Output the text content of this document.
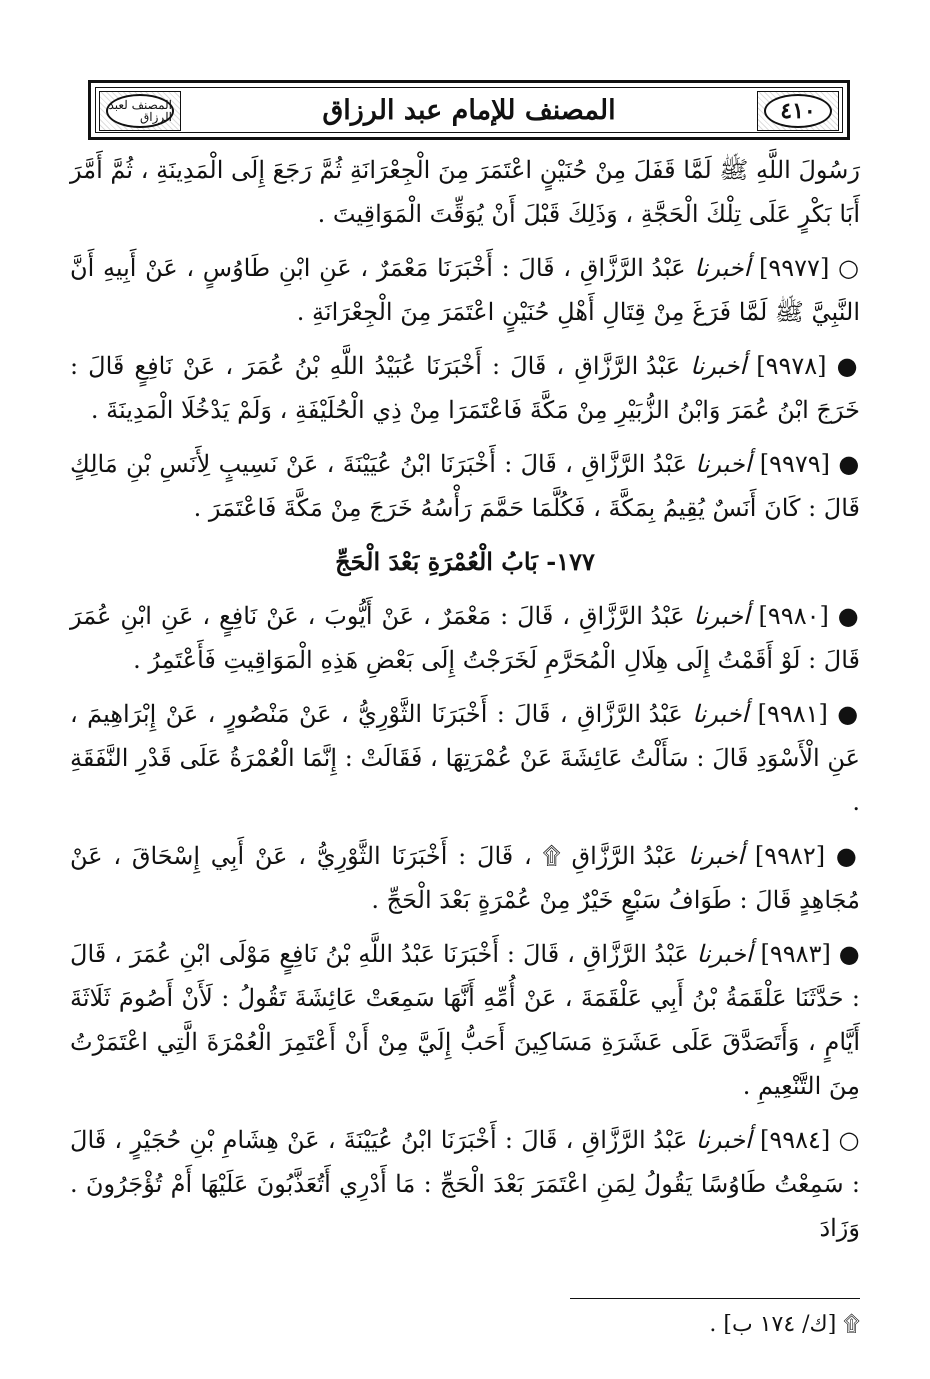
المصنف لعبد الرزاق	المصنف للإمام عبد الرزاق	٤١٠

رَسُولَ اللَّهِ ﷺ لَمَّا قَفَلَ مِنْ حُنَيْنٍ اعْتَمَرَ مِنَ الْجِعْرَانَةِ ثُمَّ رَجَعَ إِلَى الْمَدِينَةِ ، ثُمَّ أَمَّرَ أَبَا بَكْرٍ عَلَى تِلْكَ الْحَجَّةِ ، وَذَلِكَ قَبْلَ أَنْ يُوَقِّتَ الْمَوَاقِيتَ .

○ [٩٩٧٧] أخبرنا عَبْدُ الرَّزَّاقِ ، قَالَ : أَخْبَرَنَا مَعْمَرٌ ، عَنِ ابْنِ طَاوُسٍ ، عَنْ أَبِيهِ أَنَّ النَّبِيَّ ﷺ لَمَّا فَرَغَ مِنْ قِتَالِ أَهْلِ حُنَيْنٍ اعْتَمَرَ مِنَ الْجِعْرَانَةِ .

● [٩٩٧٨] أخبرنا عَبْدُ الرَّزَّاقِ ، قَالَ : أَخْبَرَنَا عُبَيْدُ اللَّهِ بْنُ عُمَرَ ، عَنْ نَافِعٍ قَالَ : خَرَجَ ابْنُ عُمَرَ وَابْنُ الزُّبَيْرِ مِنْ مَكَّةَ فَاعْتَمَرَا مِنْ ذِي الْحُلَيْفَةِ ، وَلَمْ يَدْخُلَا الْمَدِينَةَ .

● [٩٩٧٩] أخبرنا عَبْدُ الرَّزَّاقِ ، قَالَ : أَخْبَرَنَا ابْنُ عُيَيْنَةَ ، عَنْ نَسِيبٍ لِأَنَسِ بْنِ مَالِكٍ قَالَ : كَانَ أَنَسٌ يُقِيمُ بِمَكَّةَ ، فَكُلَّمَا حَمَّمَ رَأْسُهُ خَرَجَ مِنْ مَكَّةَ فَاعْتَمَرَ .

١٧٧- بَابُ الْعُمْرَةِ بَعْدَ الْحَجِّ

● [٩٩٨٠] أخبرنا عَبْدُ الرَّزَّاقِ ، قَالَ : مَعْمَرٌ ، عَنْ أَيُّوبَ ، عَنْ نَافِعٍ ، عَنِ ابْنِ عُمَرَ قَالَ : لَوْ أَقَمْتُ إِلَى هِلَالِ الْمُحَرَّمِ لَخَرَجْتُ إِلَى بَعْضِ هَذِهِ الْمَوَاقِيتِ فَأَعْتَمِرُ .

● [٩٩٨١] أخبرنا عَبْدُ الرَّزَّاقِ ، قَالَ : أَخْبَرَنَا الثَّوْرِيُّ ، عَنْ مَنْصُورٍ ، عَنْ إِبْرَاهِيمَ ، عَنِ الْأَسْوَدِ قَالَ : سَأَلْتُ عَائِشَةَ عَنْ عُمْرَتِهَا ، فَقَالَتْ : إِنَّمَا الْعُمْرَةُ عَلَى قَدْرِ النَّفَقَةِ .

● [٩٩٨٢] أخبرنا عَبْدُ الرَّزَّاقِ ۩ ، قَالَ : أَخْبَرَنَا الثَّوْرِيُّ ، عَنْ أَبِي إِسْحَاقَ ، عَنْ مُجَاهِدٍ قَالَ : طَوَافُ سَبْعٍ خَيْرٌ مِنْ عُمْرَةٍ بَعْدَ الْحَجِّ .

● [٩٩٨٣] أخبرنا عَبْدُ الرَّزَّاقِ ، قَالَ : أَخْبَرَنَا عَبْدُ اللَّهِ بْنُ نَافِعٍ مَوْلَى ابْنِ عُمَرَ ، قَالَ : حَدَّثَنَا عَلْقَمَةُ بْنُ أَبِي عَلْقَمَةَ ، عَنْ أُمِّهِ أَنَّهَا سَمِعَتْ عَائِشَةَ تَقُولُ : لَأَنْ أَصُومَ ثَلَاثَةَ أَيَّامٍ ، وَأَتَصَدَّقَ عَلَى عَشَرَةِ مَسَاكِينَ أَحَبُّ إِلَيَّ مِنْ أَنْ أَعْتَمِرَ الْعُمْرَةَ الَّتِي اعْتَمَرْتُ مِنَ التَّنْعِيمِ .

○ [٩٩٨٤] أخبرنا عَبْدُ الرَّزَّاقِ ، قَالَ : أَخْبَرَنَا ابْنُ عُيَيْنَةَ ، عَنْ هِشَامِ بْنِ حُجَيْرٍ ، قَالَ : سَمِعْتُ طَاوُسًا يَقُولُ لِمَنِ اعْتَمَرَ بَعْدَ الْحَجِّ : مَا أَدْرِي أَتُعَذَّبُونَ عَلَيْهَا أَمْ تُؤْجَرُونَ . وَزَادَ

۩ [ك/ ١٧٤ ب] .
